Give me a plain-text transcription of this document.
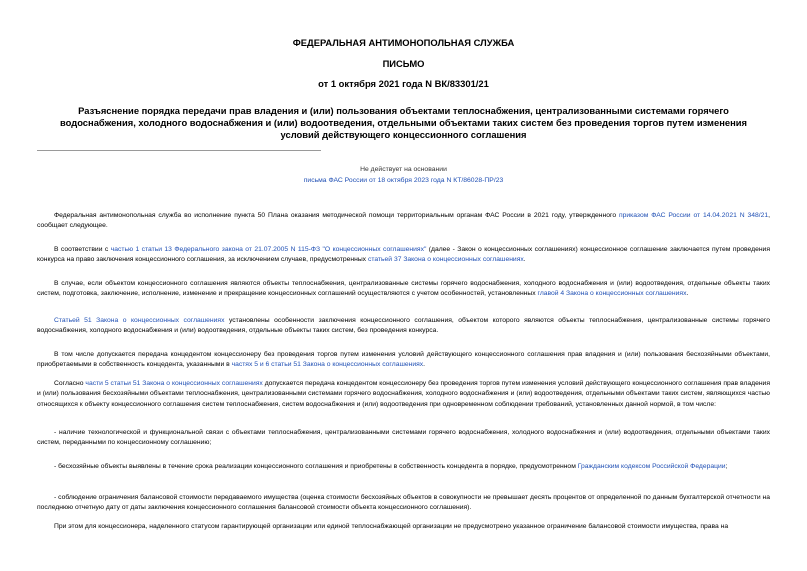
ФЕДЕРАЛЬНАЯ АНТИМОНОПОЛЬНАЯ СЛУЖБА
ПИСЬМО
от 1 октября 2021 года N ВК/83301/21
Разъяснение порядка передачи прав владения и (или) пользования объектами теплоснабжения, централизованными системами горячего водоснабжения, холодного водоснабжения и (или) водоотведения, отдельными объектами таких систем без проведения торгов путем изменения условий действующего концессионного соглашения
Не действует на основании
письма ФАС России от 18 октября 2023 года N КТ/86028-ПР/23
Федеральная антимонопольная служба во исполнение пункта 50 Плана оказания методической помощи территориальным органам ФАС России в 2021 году, утвержденного приказом ФАС России от 14.04.2021 N 348/21, сообщает следующее.
В соответствии с частью 1 статьи 13 Федерального закона от 21.07.2005 N 115-ФЗ "О концессионных соглашениях" (далее - Закон о концессионных соглашениях) концессионное соглашение заключается путем проведения конкурса на право заключения концессионного соглашения, за исключением случаев, предусмотренных статьей 37 Закона о концессионных соглашениях.
В случае, если объектом концессионного соглашения являются объекты теплоснабжения, централизованные системы горячего водоснабжения, холодного водоснабжения и (или) водоотведения, отдельные объекты таких систем, подготовка, заключение, исполнение, изменение и прекращение концессионных соглашений осуществляются с учетом особенностей, установленных главой 4 Закона о концессионных соглашениях.
Статьей 51 Закона о концессионных соглашениях установлены особенности заключения концессионного соглашения, объектом которого являются объекты теплоснабжения, централизованные системы горячего водоснабжения, холодного водоснабжения и (или) водоотведения, отдельные объекты таких систем, без проведения конкурса.
В том числе допускается передача концедентом концессионеру без проведения торгов путем изменения условий действующего концессионного соглашения прав владения и (или) пользования бесхозяйными объектами, приобретаемыми в собственность концедента, указанными в частях 5 и 6 статьи 51 Закона о концессионных соглашениях.
Согласно части 5 статьи 51 Закона о концессионных соглашениях допускается передача концедентом концессионеру без проведения торгов путем изменения условий действующего концессионного соглашения прав владения и (или) пользования бесхозяйными объектами теплоснабжения, централизованными системами горячего водоснабжения, холодного водоснабжения и (или) водоотведения, отдельными объектами таких систем, являющихся частью относящихся к объекту концессионного соглашения систем теплоснабжения, систем водоснабжения и (или) водоотведения при одновременном соблюдении требований, установленных данной нормой, в том числе:
- наличие технологической и функциональной связи с объектами теплоснабжения, централизованными системами горячего водоснабжения, холодного водоснабжения и (или) водоотведения, отдельными объектами таких систем, переданными по концессионному соглашению;
- бесхозяйные объекты выявлены в течение срока реализации концессионного соглашения и приобретены в собственность концедента в порядке, предусмотренном Гражданским кодексом Российской Федерации;
- соблюдение ограничения балансовой стоимости передаваемого имущества (оценка стоимости бесхозяйных объектов в совокупности не превышает десять процентов от определенной по данным бухгалтерской отчетности на последнюю отчетную дату от даты заключения концессионного соглашения балансовой стоимости объекта концессионного соглашения).
При этом для концессионера, наделенного статусом гарантирующей организации или единой теплоснабжающей организации не предусмотрено указанное ограничение балансовой стоимости имущества, права на
